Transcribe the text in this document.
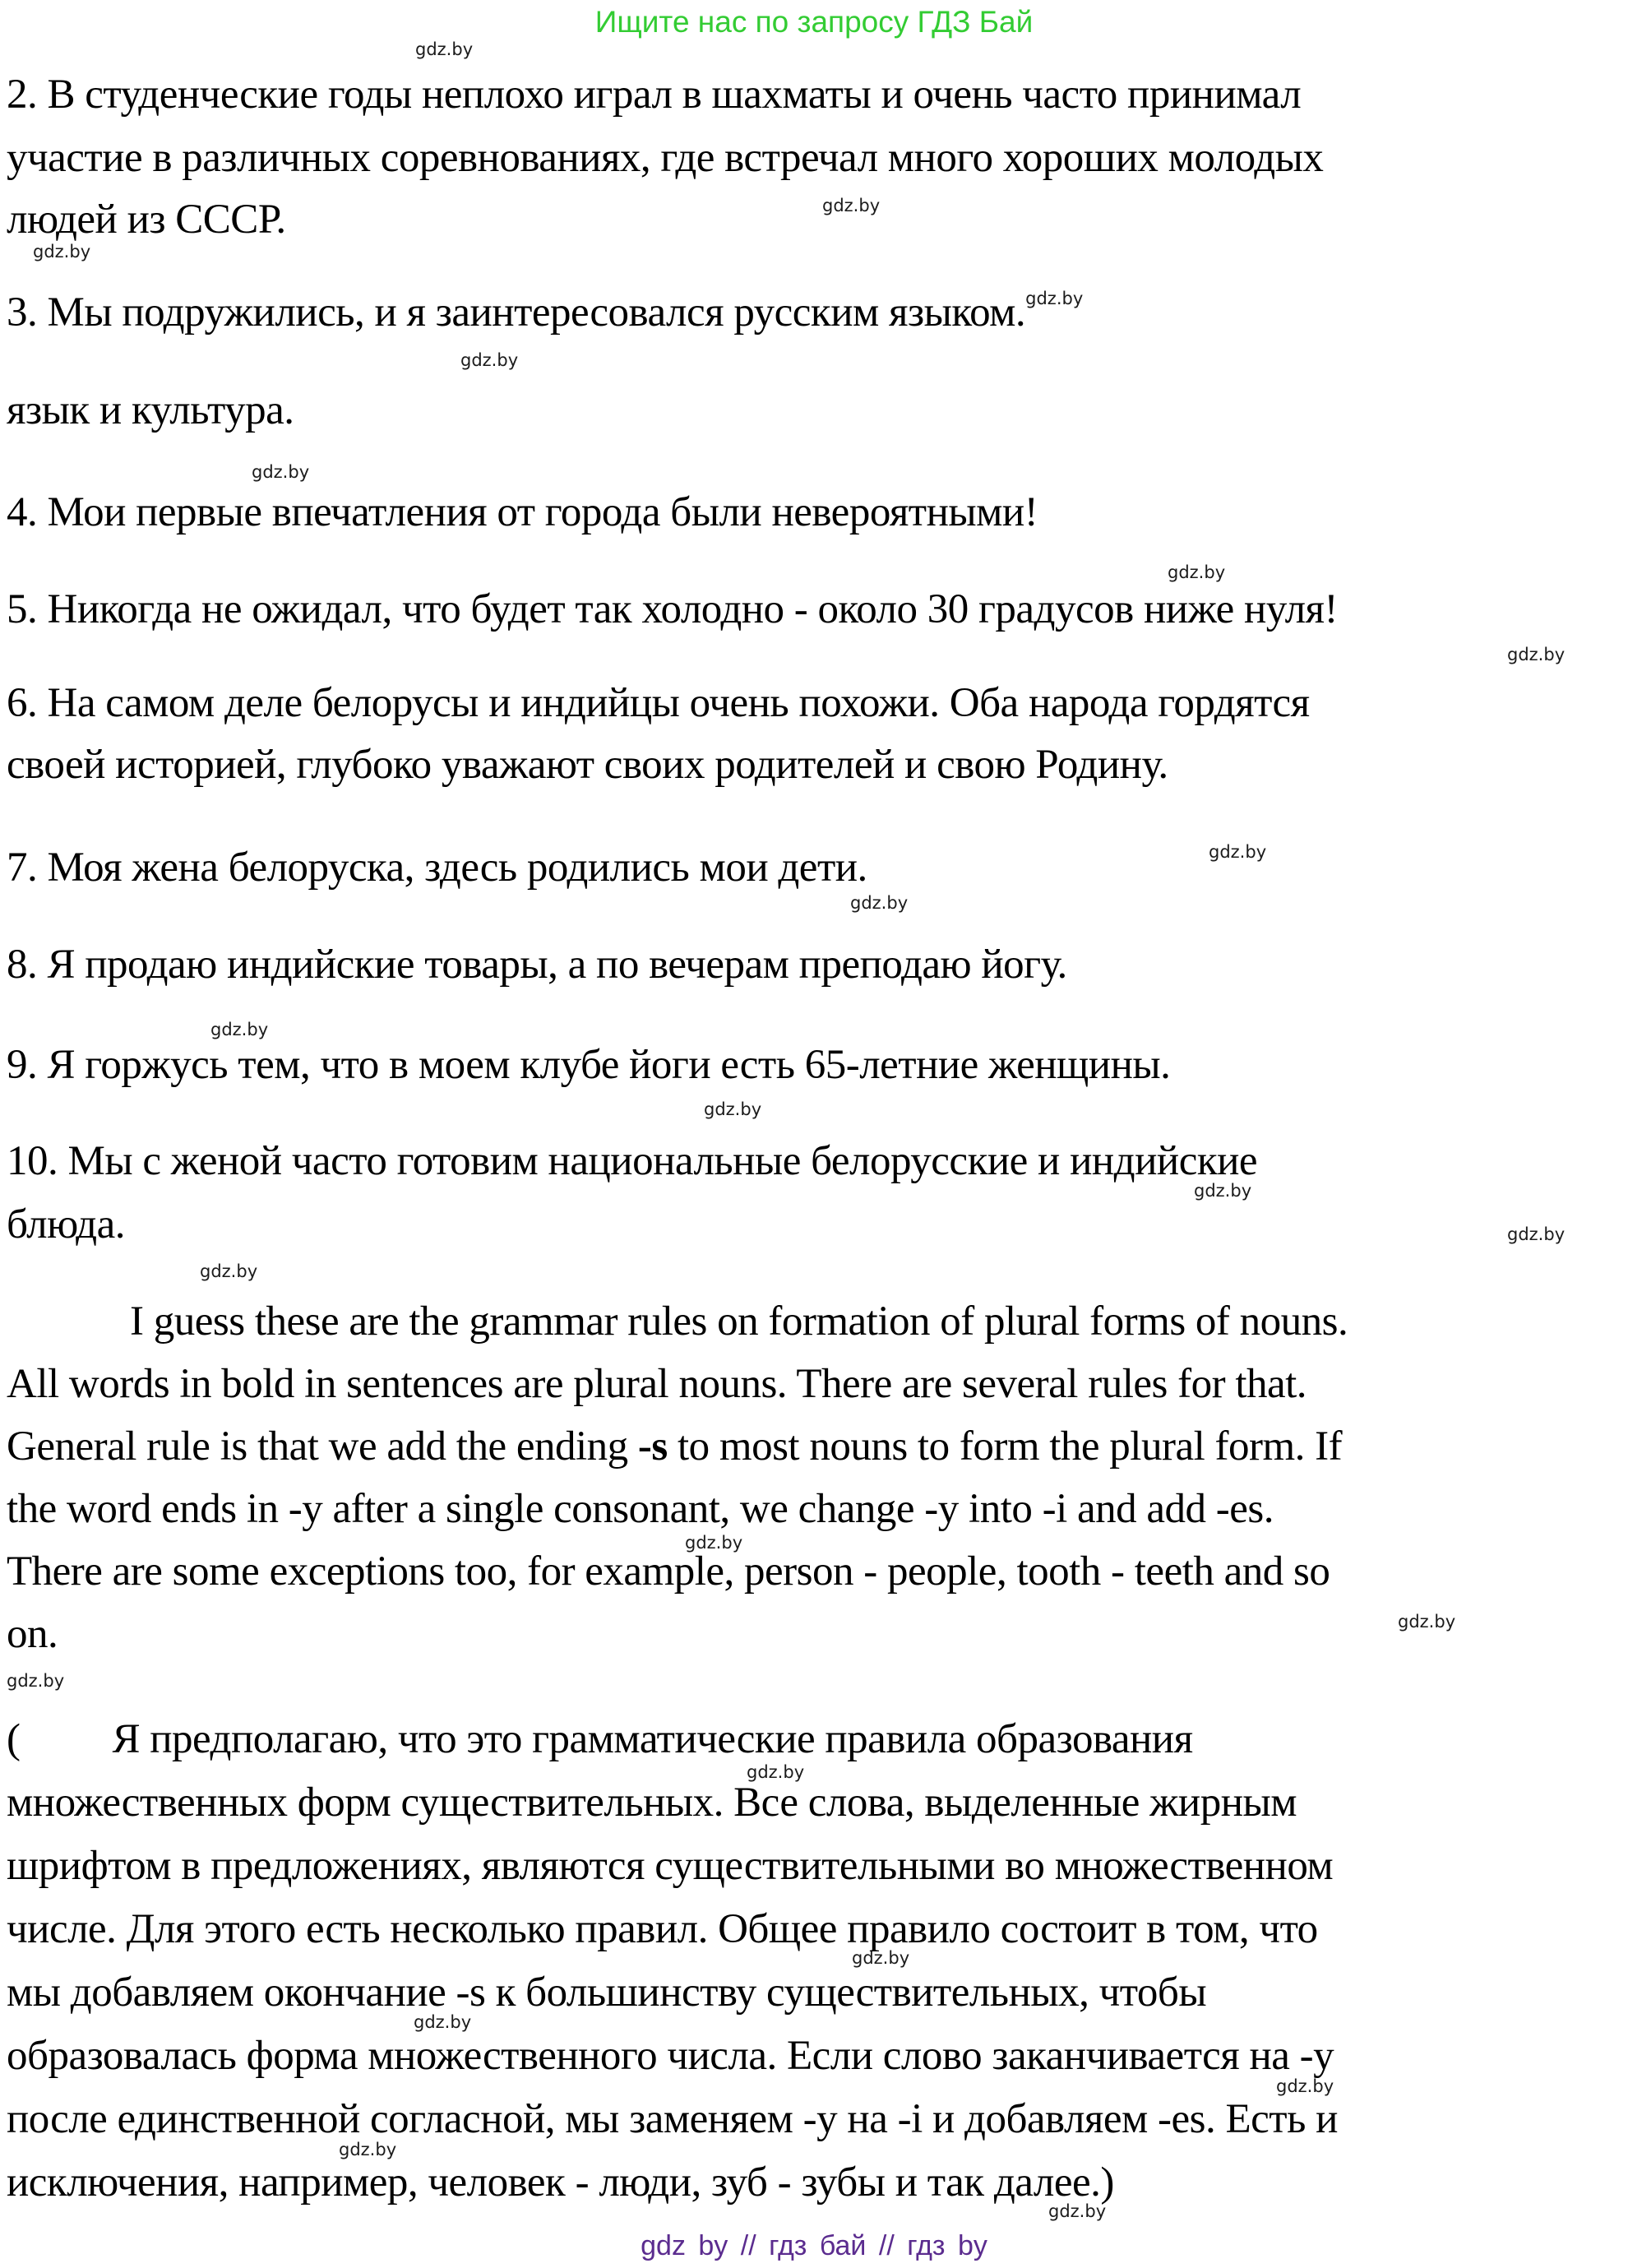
Ищите нас по запросу ГДЗ Бай
gdz.by
gdz.by
gdz.by
gdz.by
gdz.by
gdz.by
gdz.by
gdz.by
gdz.by
gdz.by
gdz.by
gdz.by
gdz.by
gdz.by
gdz.by
gdz.by
gdz.by
gdz.by
gdz.by
gdz.by
gdz.by
gdz.by
gdz.by
2. В студенческие годы неплохо играл в шахматы и очень часто принимал
участие в различных соревнованиях, где встречал много хороших молодых
людей из СССР.
3. Мы подружились, и я заинтересовался русским языком.$^{gdz.by}$
язык и культура.
4. Мои первые впечатления от города были невероятными!
5. Никогда не ожидал, что будет так холодно - около 30 градусов ниже нуля!
6. На самом деле белорусы и индийцы очень похожи. Оба народа гордятся
своей историей, глубоко уважают своих родителей и свою Родину.
7. Моя жена белоруска, здесь родились мои дети.
8. Я продаю индийские товары, а по вечерам преподаю йогу.
9. Я горжусь тем, что в моем клубе йоги есть 65-летние женщины.
10. Мы с женой часто готовим национальные белорусские и индийские
блюда.
I guess these are the grammar rules on formation of plural forms of nouns.
All words in bold in sentences are plural nouns. There are several rules for that.
General rule is that we add the ending -s to most nouns to form the plural form. If
the word ends in -y after a single consonant, we change -y into -i and add -es.
There are some exceptions too, for example, person - people, tooth - teeth and so
on.
( Я предполагаю, что это грамматические правила образования
множественных форм существительных. Все слова, выделенные жирным
шрифтом в предложениях, являются существительными во множественном
числе. Для этого есть несколько правил. Общее правило состоит в том, что
мы добавляем окончание -s к большинству существительных, чтобы
образовалась форма множественного числа. Если слово заканчивается на -y
после единственной согласной, мы заменяем -y на -i и добавляем -es. Есть и
исключения, например, человек - люди, зуб - зубы и так далее.)
gdz by // гдз бай // гдз by
